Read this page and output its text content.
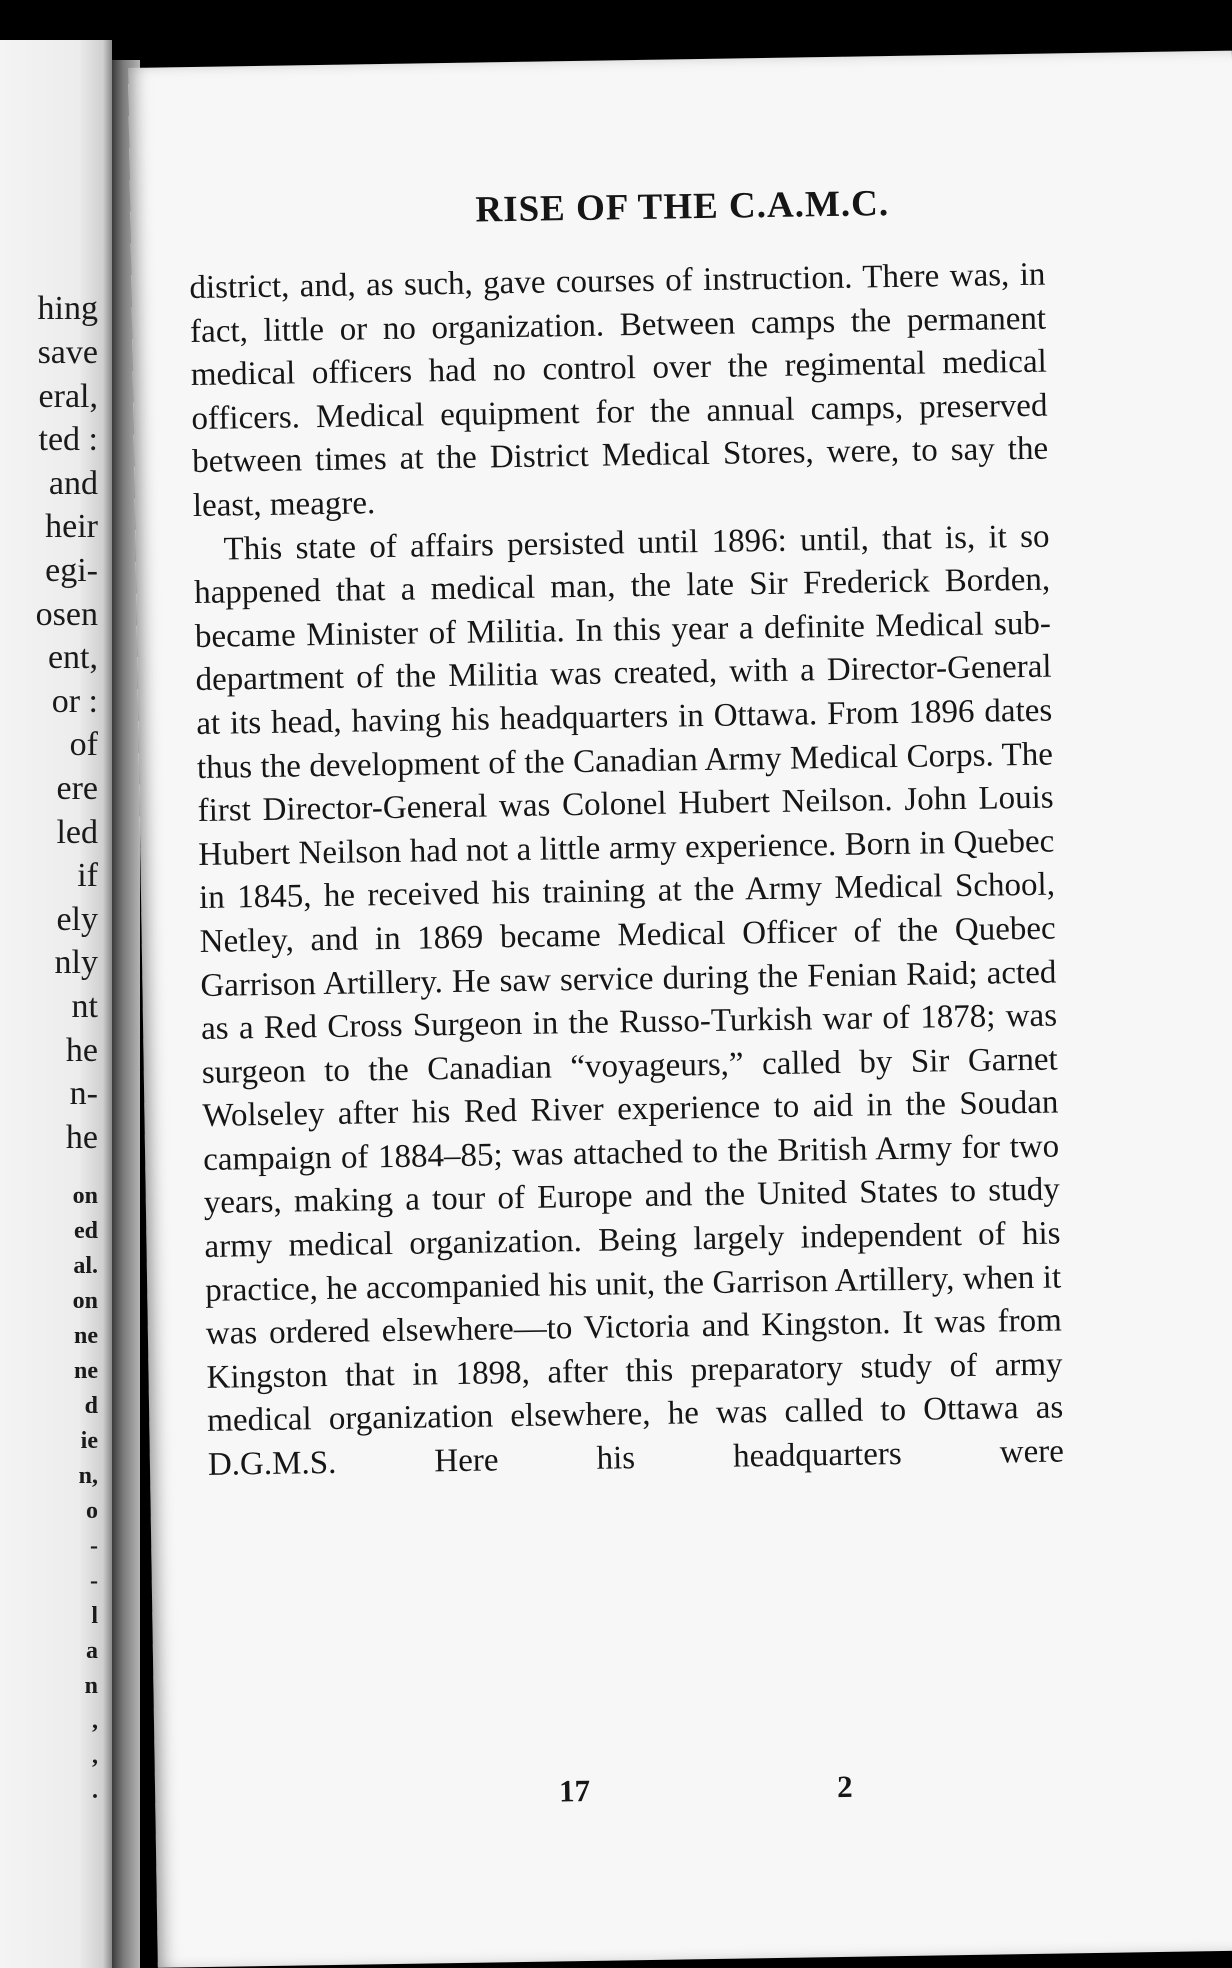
hing

save

eral,

ted :

and

heir

egi-

osen

ent,

or :

of

ere

led

if

ely

nly

nt

he

n-

he

on

ed

al.

on

ne

ne

d

ie

n,

o

-

-

l

a

n

,

,

.

RISE OF THE C.A.M.C.

district, and, as such, gave courses of instruction. There was, in fact, little or no organization. Between camps the permanent medical officers had no control over the regimental medical officers. Medical equipment for the annual camps, preserved between times at the District Medical Stores, were, to say the least, meagre.

This state of affairs persisted until 1896: until, that is, it so happened that a medical man, the late Sir Frederick Borden, became Minister of Militia. In this year a definite Medical sub-department of the Militia was created, with a Director-General at its head, having his headquarters in Ottawa. From 1896 dates thus the development of the Canadian Army Medical Corps. The first Director-General was Colonel Hubert Neilson. John Louis Hubert Neilson had not a little army experience. Born in Quebec in 1845, he received his training at the Army Medical School, Netley, and in 1869 became Medical Officer of the Quebec Garrison Artillery. He saw service during the Fenian Raid; acted as a Red Cross Surgeon in the Russo-Turkish war of 1878; was surgeon to the Canadian “voyageurs,” called by Sir Garnet Wolseley after his Red River experience to aid in the Soudan campaign of 1884–85; was attached to the British Army for two years, making a tour of Europe and the United States to study army medical organization. Being largely independent of his practice, he accompanied his unit, the Garrison Artillery, when it was ordered elsewhere—to Victoria and Kingston. It was from Kingston that in 1898, after this preparatory study of army medical organization elsewhere, he was called to Ottawa as D.G.M.S. Here his headquarters were

17	2
